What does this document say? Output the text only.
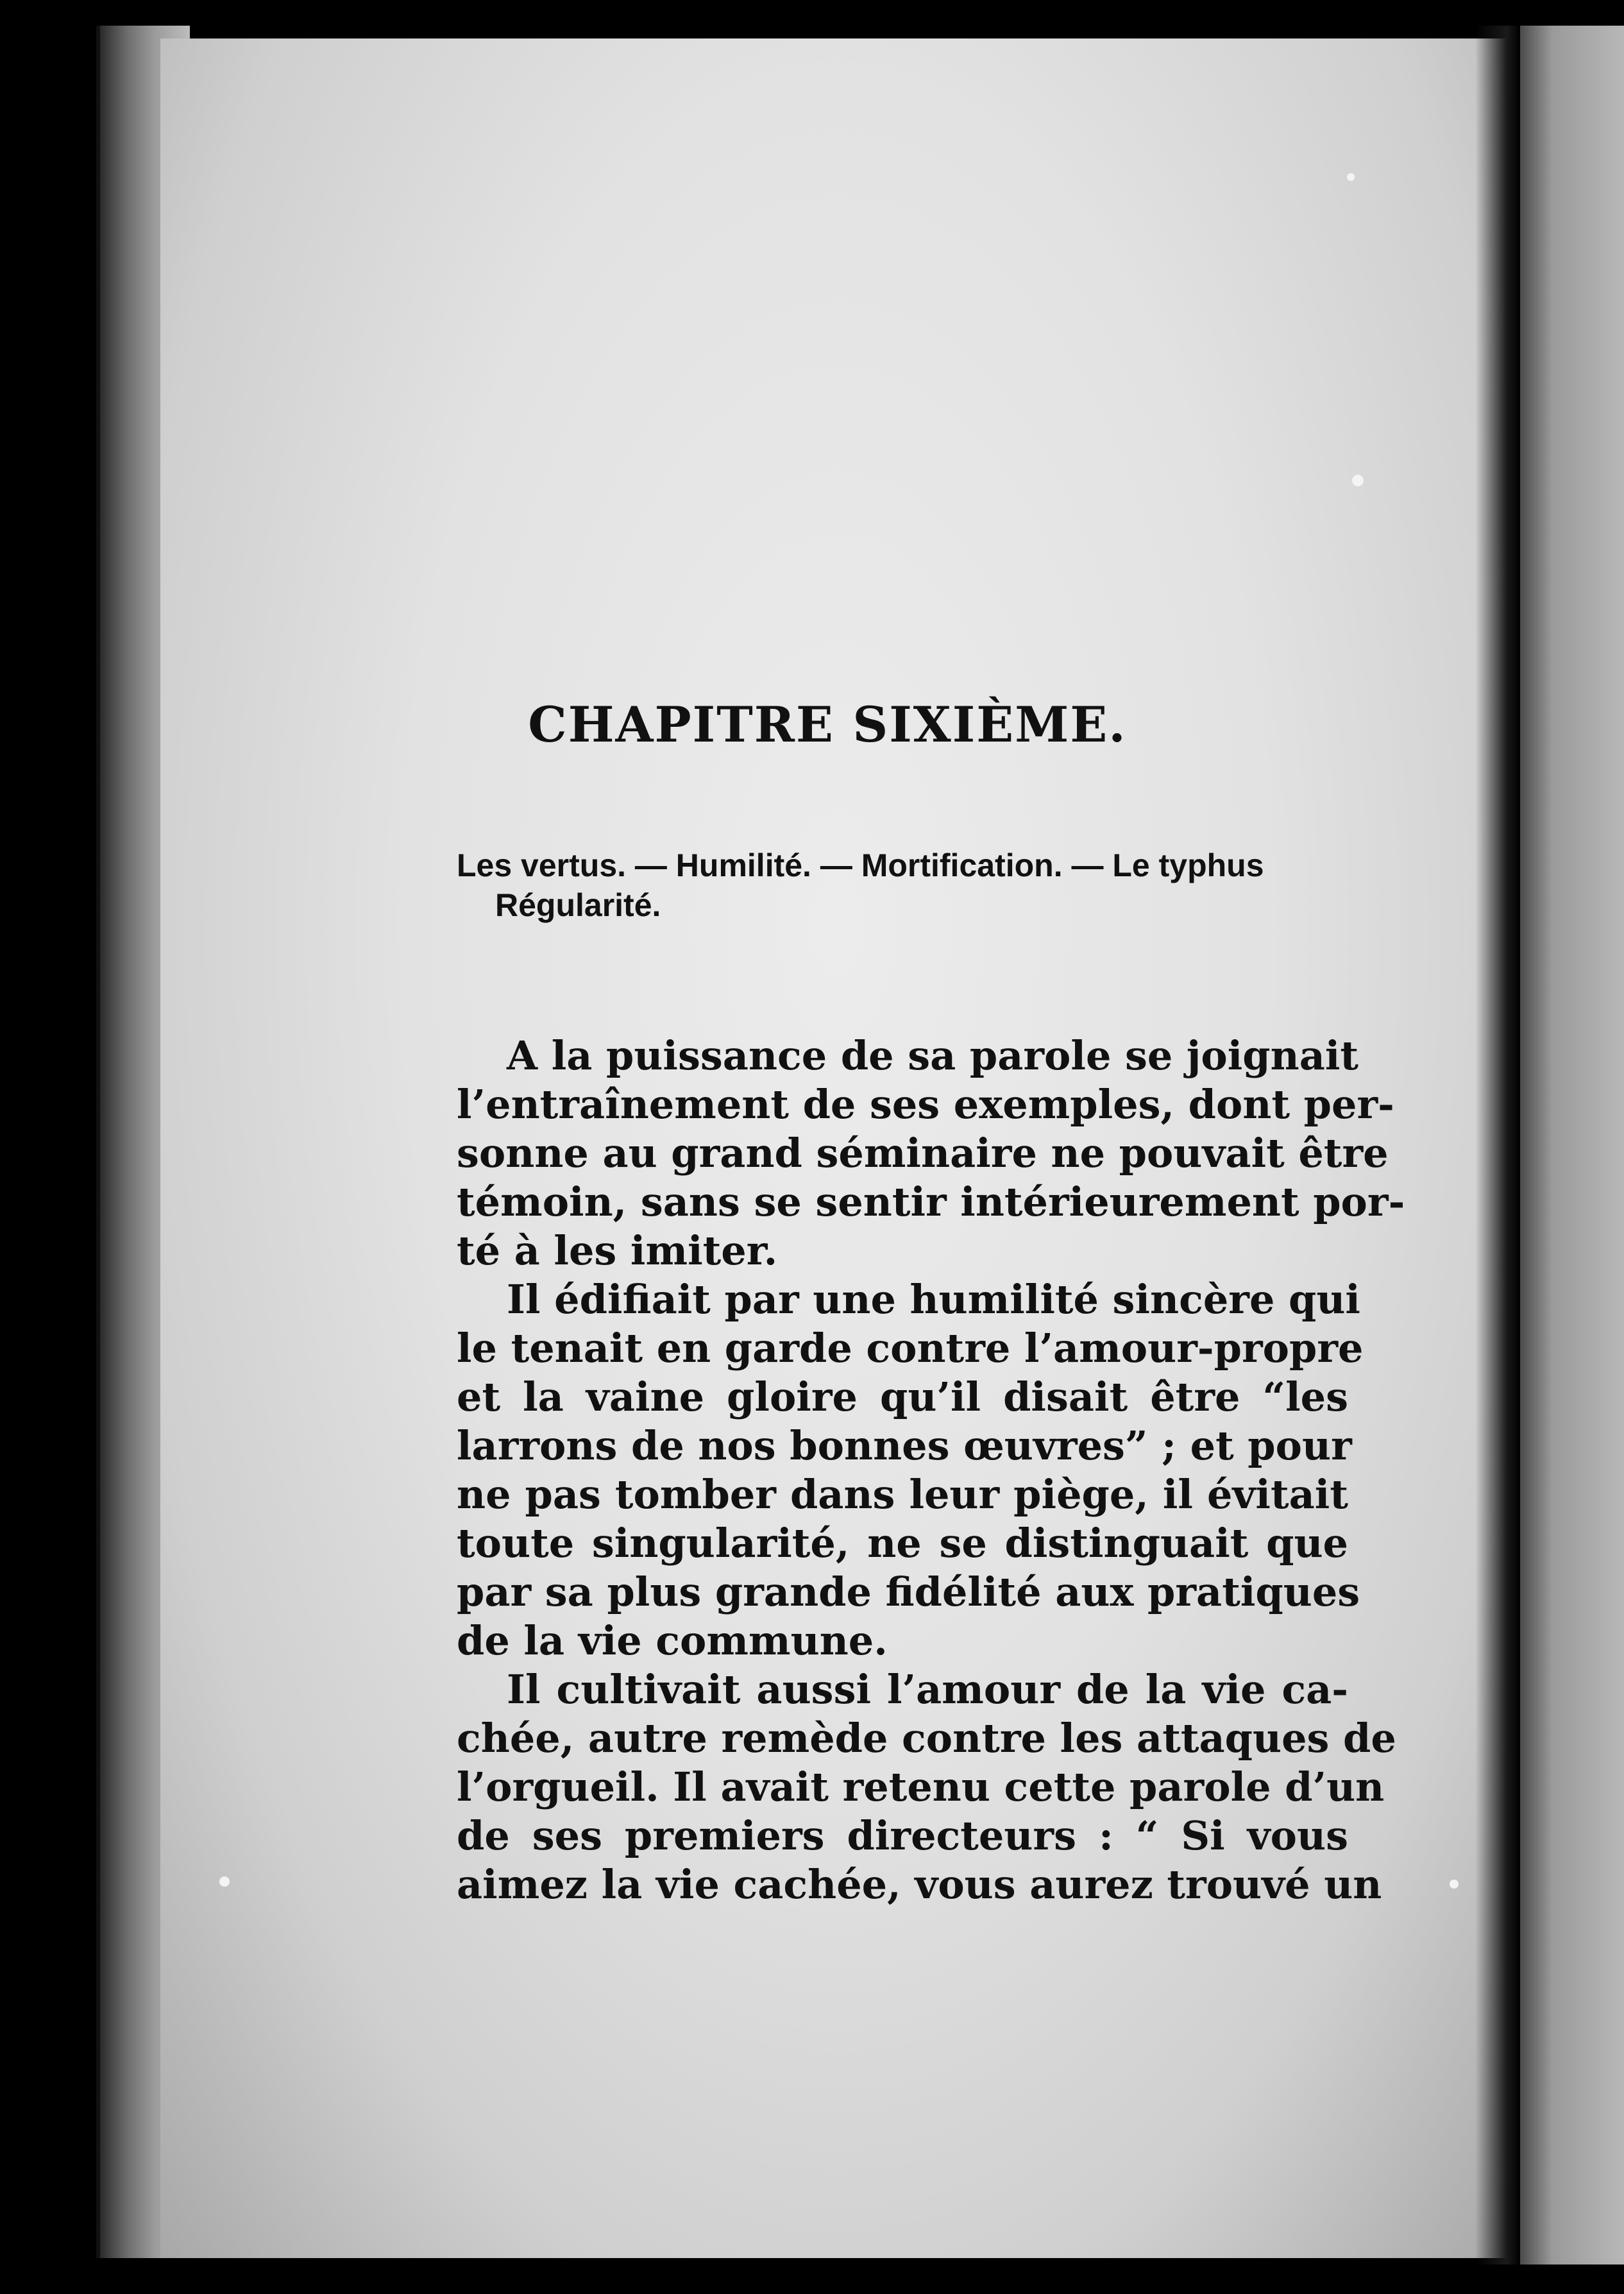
CHAPITRE SIXIÈME.
Les vertus. — Humilité. — Mortification. — Le typhus
Régularité.
A la puissance de sa parole se joignait
l’entraînement de ses exemples, dont per-
sonne au grand séminaire ne pouvait être
témoin, sans se sentir intérieurement por-
té à les imiter.
Il édifiait par une humilité sincère qui
le tenait en garde contre l’amour-propre
et la vaine gloire qu’il disait être “les
larrons de nos bonnes œuvres” ; et pour
ne pas tomber dans leur piège, il évitait
toute singularité, ne se distinguait que
par sa plus grande fidélité aux pratiques
de la vie commune.
Il cultivait aussi l’amour de la vie ca-
chée, autre remède contre les attaques de
l’orgueil. Il avait retenu cette parole d’un
de ses premiers directeurs : “ Si vous
aimez la vie cachée, vous aurez trouvé un
